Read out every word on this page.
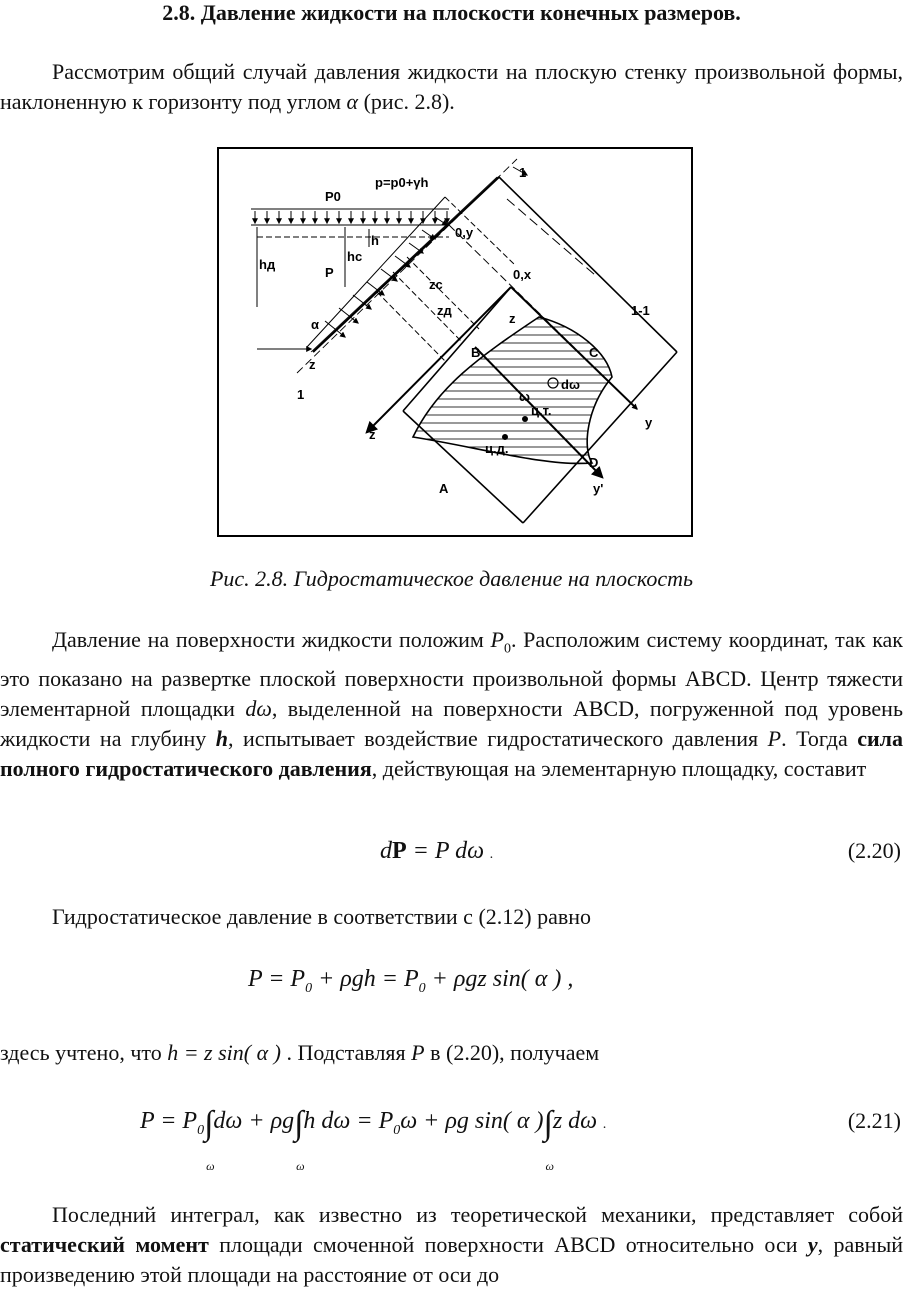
2.8. Давление жидкости на плоскости конечных размеров.

Рассмотрим общий случай давления жидкости на плоскую стенку произвольной формы, наклоненную к горизонту под углом α (рис. 2.8).

P0
p=p0+γh
1
1
1-1
0,y
0,x
h
hc
hд
zc
zд
z
P
α
z
z
B	C
A
D
y
y'
ω
dω
ц.т.
ц.д.
Рис. 2.8. Гидростатическое давление на плоскость

Давление на поверхности жидкости положим $P_0$. Расположим систему координат, так как это показано на развертке плоской поверхности произвольной формы ABCD. Центр тяжести элементарной площадки dω, выделенной на поверхности ABCD, погруженной под уровень жидкости на глубину h, испытывает воздействие гидростатического давления P. Тогда сила полного гидростатического давления, действующая на элементарную площадку, составит

dP = P dω .	(2.20)

Гидростатическое давление в соответствии с (2.12) равно

$P = P_0 + \rho gh = P_0 + \rho gz$ sin( α ) ,

здесь учтено, что h = z sin( α ) . Подставляя P в (2.20), получаем

$P = P_0\int$
ω
dω + ρg∫
ω
h $d\omega = P_0\omega + \rho g$ sin( α )∫
ω
z dω .	(2.21)

Последний интеграл, как известно из теоретической механики, представляет собой статический момент площади смоченной поверхности ABCD относительно оси y, равный произведению этой площади на расстояние от оси до
